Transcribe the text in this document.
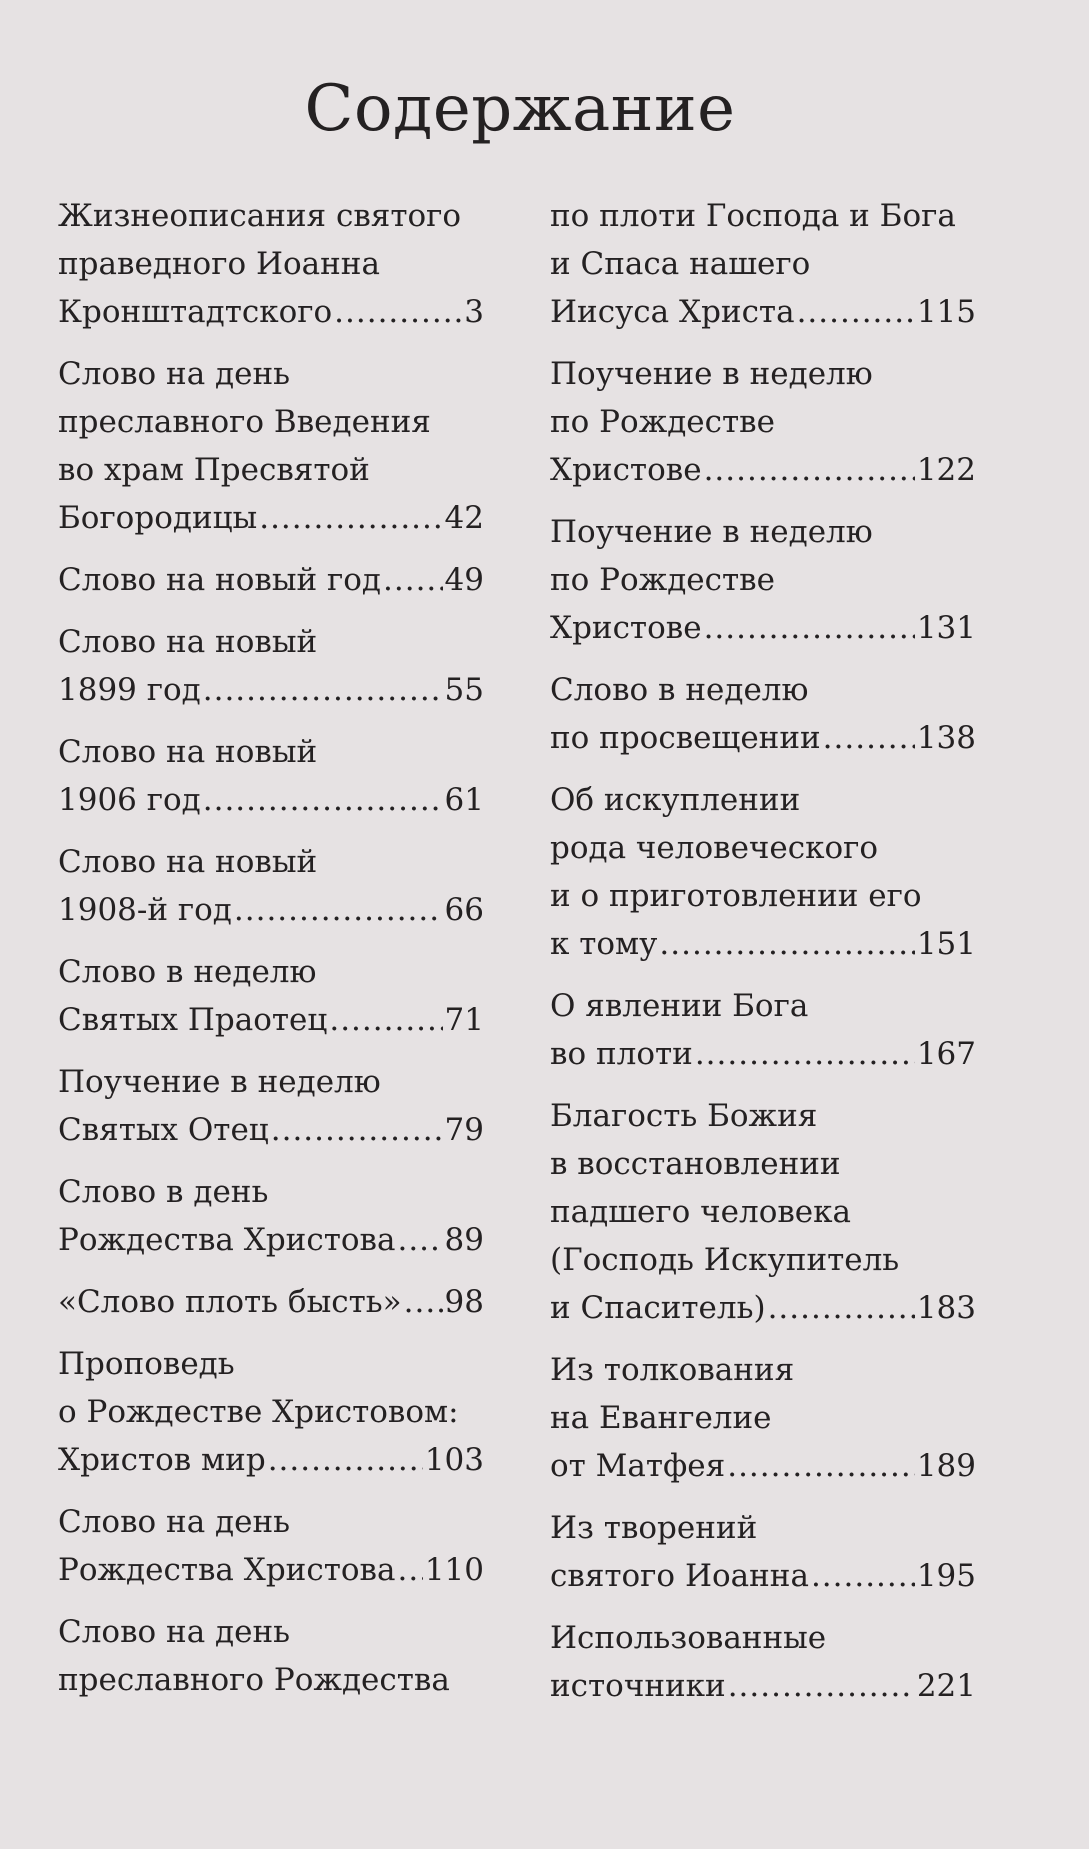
Содержание
Жизнеописания святого
праведного Иоанна
Кронштадтского .....	3
Слово на день
преславного Введения
во храм Пресвятой
Богородицы .....	42
Слово на новый год ..... 49
Слово на новый
1899 год .....	55
Слово на новый
1906 год .....	61
Слово на новый
1908-й год .....	66
Слово в неделю
Святых Праотец .....	71
Поучение в неделю
Святых Отец .....	79
Слово в день
Рождества Христова ..... 89
«Слово плоть бысть» ..... 98
Проповедь
о Рождестве Христовом:
Христов мир .....	103
Слово на день
Рождества Христова ..... 110
Слово на день
преславного Рождества
по плоти Господа и Бога
и Спаса нашего
Иисуса Христа .....	115
Поучение в неделю
по Рождестве
Христове .....	122
Поучение в неделю
по Рождестве
Христове .....	131
Слово в неделю
по просвещении .....	138
Об искуплении
рода человеческого
и о приготовлении его
к тому .....	151
О явлении Бога
во плоти .....	167
Благость Божия
в восстановлении
падшего человека
(Господь Искупитель
и Спаситель) .....	183
Из толкования
на Евангелие
от Матфея .....	189
Из творений
святого Иоанна .....	195
Использованные
источники .....	221
